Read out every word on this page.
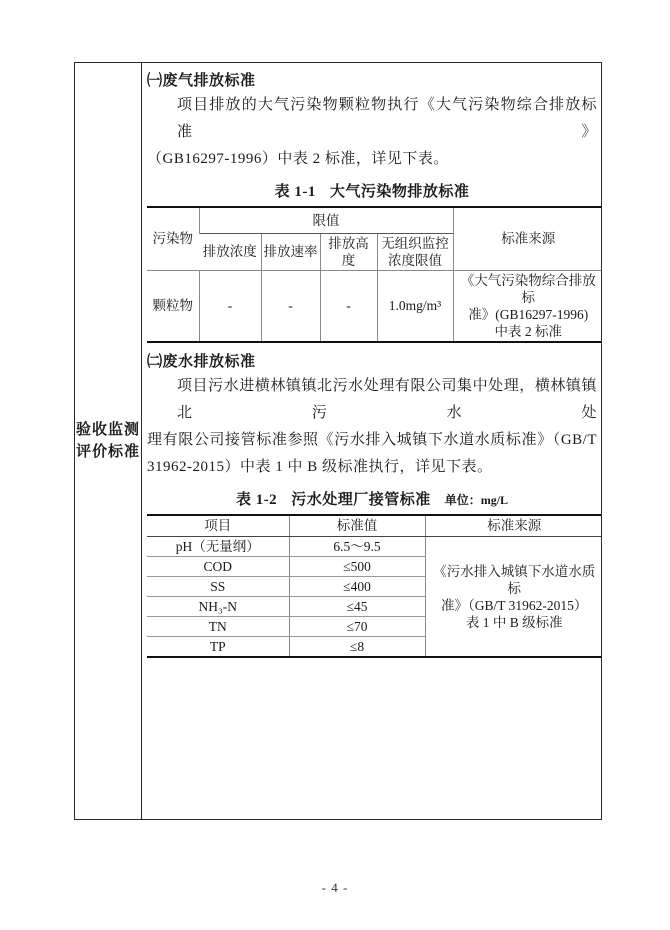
验收监测
评价标准
㈠废气排放标准
项目排放的大气污染物颗粒物执行《大气污染物综合排放标准》
（GB16297-1996）中表 2 标准，详见下表。
表 1-1 大气污染物排放标准
污染物	限值				标准来源
	排放浓度	排放速率	排放高度	无组织监控浓度限值	
颗粒物	-	-	-	1.0mg/m³	《大气污染物综合排放标
准》(GB16297-1996)
中表 2 标准
㈡废水排放标准
项目污水进横林镇镇北污水处理有限公司集中处理，横林镇镇北污水处
理有限公司接管标准参照《污水排入城镇下水道水质标准》（GB/T
31962-2015）中表 1 中 B 级标准执行，详见下表。
表 1-2 污水处理厂接管标准 单位：mg/L
项目	标准值	标准来源
pH（无量纲）	6.5～9.5	《污水排入城镇下水道水质标
准》（GB/T 31962-2015）
表 1 中 B 级标准

COD	≤500	
SS	≤400	
NH₃-N	≤45	
TN	≤70	
TP	≤8	
- 4 -
